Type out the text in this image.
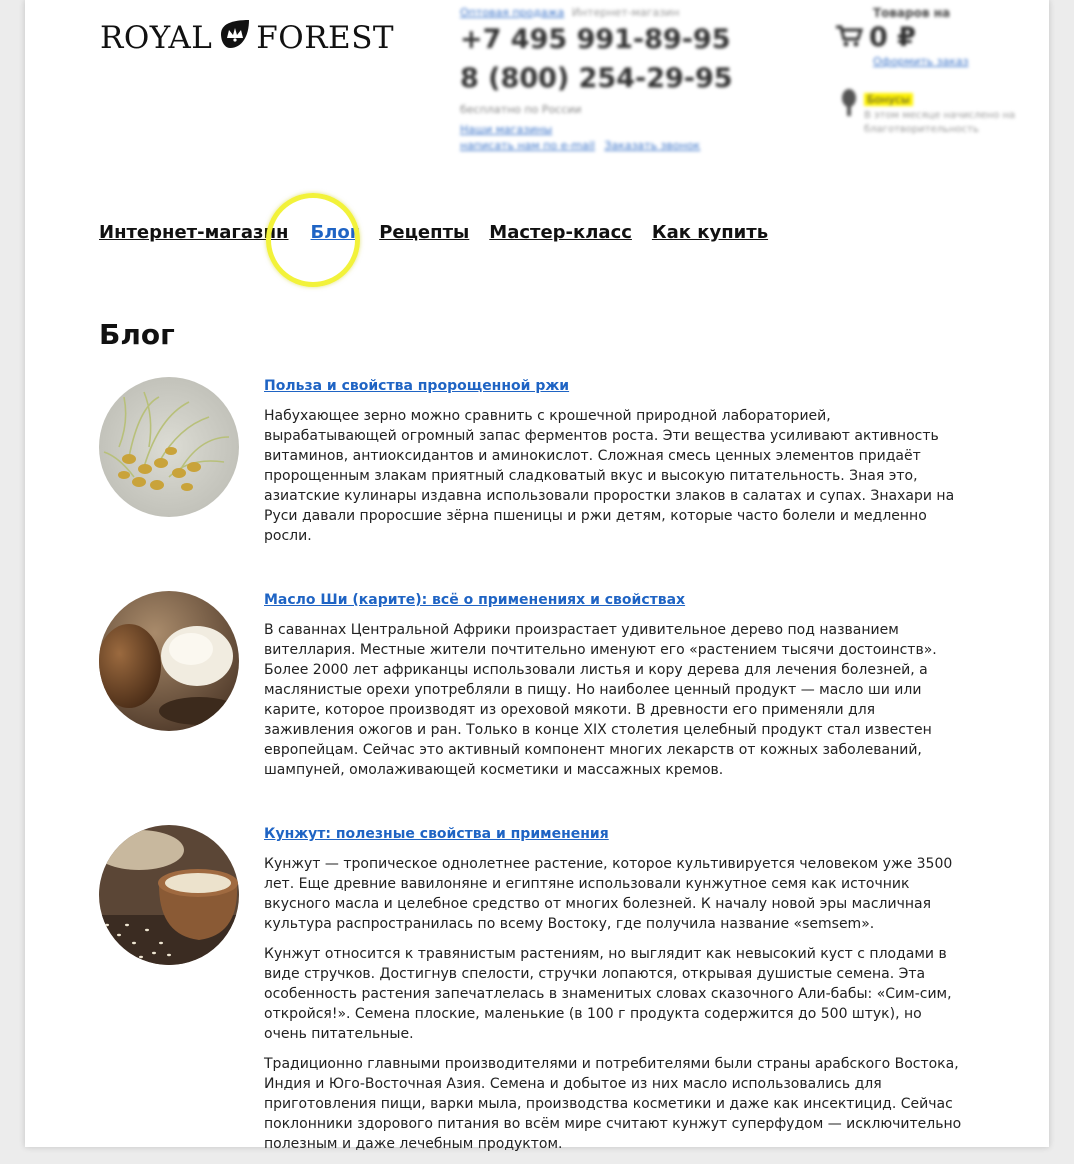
ROYAL FOREST
Оптовая продажа Интернет-магазин
+7 495 991-89-95
8 (800) 254-29-95
бесплатно по России
Наши магазины
написать нам по e-mail Заказать звонок
Товаров на
0 ₽
Оформить заказ
Бонусы
В этом месяце начислено на благотворительность
Интернет-магазин Блог Рецепты Мастер-класс Как купить
Блог
Польза и свойства пророщенной ржи

Набухающее зерно можно сравнить с крошечной природной лабораторией, вырабатывающей огромный запас ферментов роста. Эти вещества усиливают активность витаминов, антиоксидантов и аминокислот. Сложная смесь ценных элементов придаёт пророщенным злакам приятный сладковатый вкус и высокую питательность. Зная это, азиатские кулинары издавна использовали проростки злаков в салатах и супах. Знахари на Руси давали проросшие зёрна пшеницы и ржи детям, которые часто болели и медленно росли.

Масло Ши (карите): всё о применениях и свойствах

В саваннах Центральной Африки произрастает удивительное дерево под названием вителлария. Местные жители почтительно именуют его «растением тысячи достоинств». Более 2000 лет африканцы использовали листья и кору дерева для лечения болезней, а маслянистые орехи употребляли в пищу. Но наиболее ценный продукт — масло ши или карите, которое производят из ореховой мякоти. В древности его применяли для заживления ожогов и ран. Только в конце XIX столетия целебный продукт стал известен европейцам. Сейчас это активный компонент многих лекарств от кожных заболеваний, шампуней, омолаживающей косметики и массажных кремов.

Кунжут: полезные свойства и применения

Кунжут — тропическое однолетнее растение, которое культивируется человеком уже 3500 лет. Еще древние вавилоняне и египтяне использовали кунжутное семя как источник вкусного масла и целебное средство от многих болезней. К началу новой эры масличная культура распространилась по всему Востоку, где получила название «semsem».

Кунжут относится к травянистым растениям, но выглядит как невысокий куст с плодами в виде стручков. Достигнув спелости, стручки лопаются, открывая душистые семена. Эта особенность растения запечатлелась в знаменитых словах сказочного Али-бабы: «Сим-сим, откройся!». Семена плоские, маленькие (в 100 г продукта содержится до 500 штук), но очень питательные.

Традиционно главными производителями и потребителями были страны арабского Востока, Индия и Юго-Восточная Азия. Семена и добытое из них масло использовались для приготовления пищи, варки мыла, производства косметики и даже как инсектицид. Сейчас поклонники здорового питания во всём мире считают кунжут суперфудом — исключительно полезным и даже лечебным продуктом.
